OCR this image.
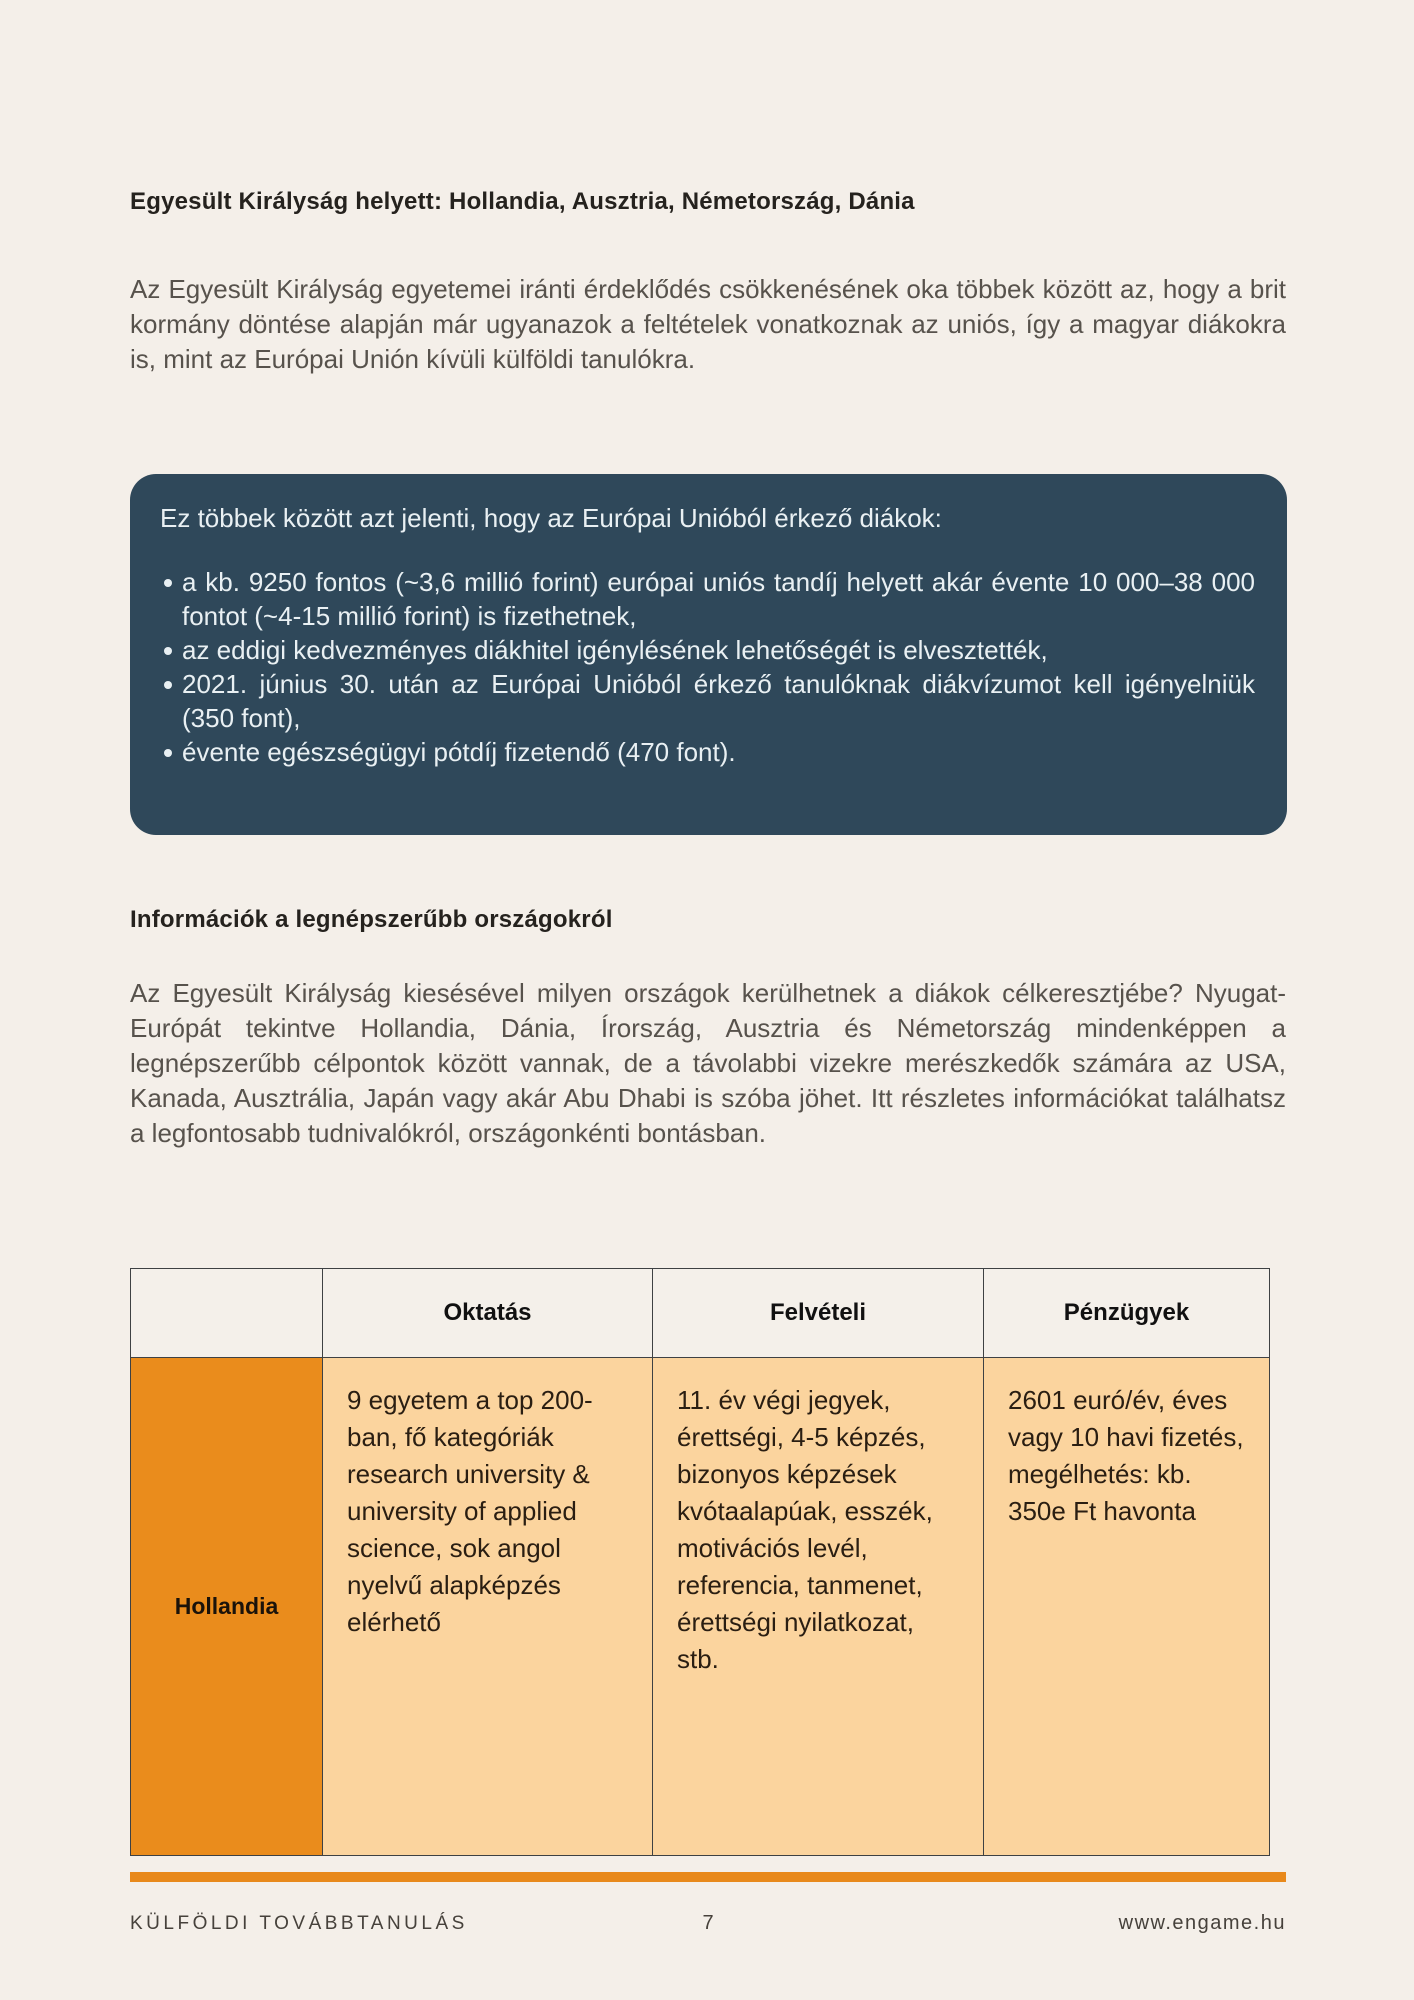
Egyesült Királyság helyett: Hollandia, Ausztria, Németország, Dánia

Az Egyesült Királyság egyetemei iránti érdeklődés csökkenésének oka többek között az, hogy a brit kormány döntése alapján már ugyanazok a feltételek vonatkoznak az uniós, így a magyar diákokra is, mint az Európai Unión kívüli külföldi tanulókra.

Ez többek között azt jelenti, hogy az Európai Unióból érkező diákok:

a kb. 9250 fontos (~3,6 millió forint) európai uniós tandíj helyett akár évente 10 000–38 000 fontot (~4-15 millió forint) is fizethetnek,
az eddigi kedvezményes diákhitel igénylésének lehetőségét is elvesztették,
2021. június 30. után az Európai Unióból érkező tanulóknak diákvízumot kell igényelniük (350 font),
évente egészségügyi pótdíj fizetendő (470 font).
Információk a legnépszerűbb országokról

Az Egyesült Királyság kiesésével milyen országok kerülhetnek a diákok célkeresztjébe? Nyugat-Európát tekintve Hollandia, Dánia, Írország, Ausztria és Németország mindenképpen a legnépszerűbb célpontok között vannak, de a távolabbi vizekre merészkedők számára az USA, Kanada, Ausztrália, Japán vagy akár Abu Dhabi is szóba jöhet. Itt részletes információkat találhatsz a legfontosabb tudnivalókról, országonkénti bontásban.

	Oktatás	Felvételi	Pénzügyek
Hollandia	9 egyetem a top 200-ban, fő kategóriák research university & university of applied science, sok angol nyelvű alapképzés elérhető	11. év végi jegyek, érettségi, 4-5 képzés, bizonyos képzések kvótaalapúak, esszék, motivációs levél, referencia, tanmenet, érettségi nyilatkozat, stb.	2601 euró/év, éves vagy 10 havi fizetés, megélhetés: kb. 350e Ft havonta
KÜLFÖLDI TOVÁBBTANULÁS	7	www.engame.hu
